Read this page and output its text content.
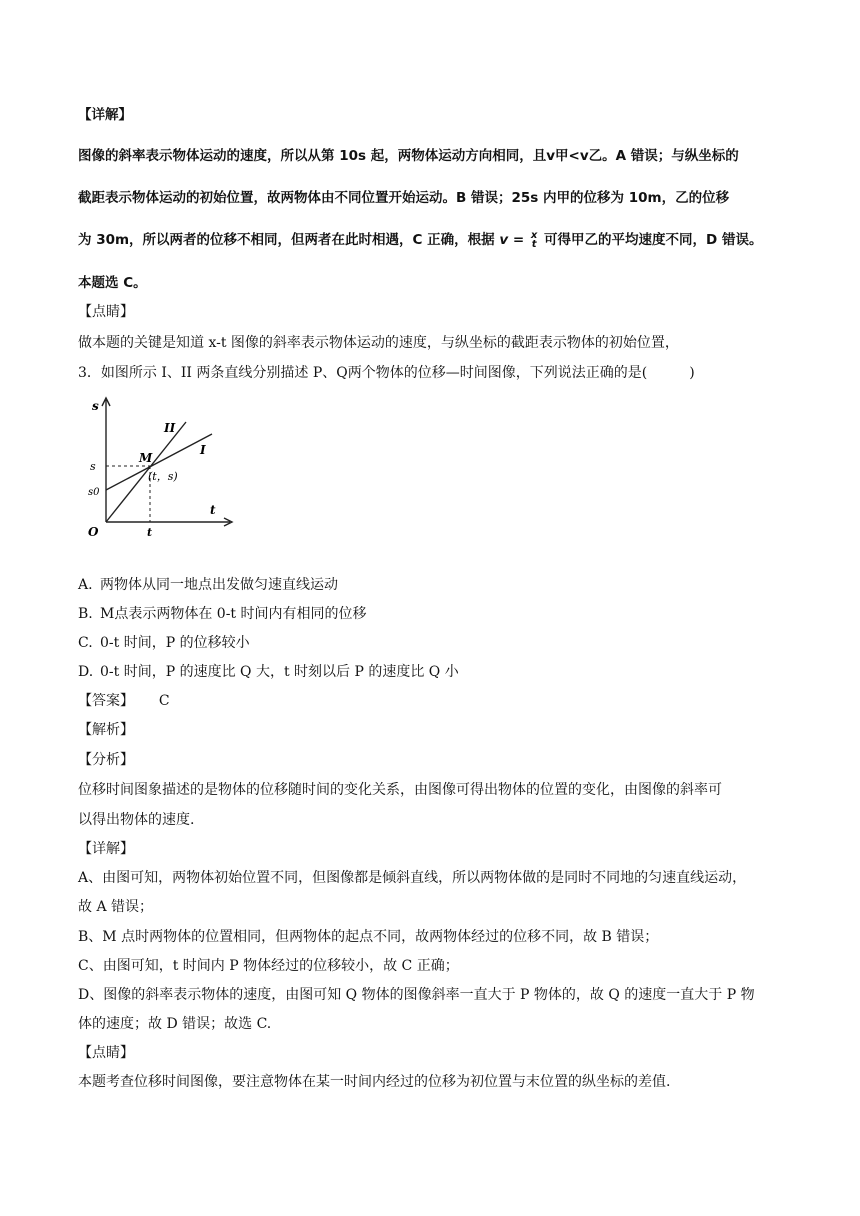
【详解】
图像的斜率表示物体运动的速度，所以从第 10s 起，两物体运动方向相同，且v甲<v乙。A 错误；与纵坐标的
截距表示物体运动的初始位置，故两物体由不同位置开始运动。B 错误；25s 内甲的位移为 10m，乙的位移
为 30m，所以两者的位移不相同，但两者在此时相遇，C 正确，根据 v = x
t 可得甲乙的平均速度不同，D 错误。
本题选 C。
【点睛】
做本题的关键是知道 x-t 图像的斜率表示物体运动的速度，与纵坐标的截距表示物体的初始位置，
3．如图所示 I、II 两条直线分别描述 P、Q两个物体的位移—时间图像，下列说法正确的是(　　　)
s
t
O
s
s0
t
M
(t，s)
I
II
A. 两物体从同一地点出发做匀速直线运动
B. M点表示两物体在 0-t 时间内有相同的位移
C. 0-t 时间，P 的位移较小
D. 0-t 时间，P 的速度比 Q 大，t 时刻以后 P 的速度比 Q 小
【答案】 C
【解析】
【分析】
位移时间图象描述的是物体的位移随时间的变化关系，由图像可得出物体的位置的变化，由图像的斜率可
以得出物体的速度.
【详解】
A、由图可知，两物体初始位置不同，但图像都是倾斜直线，所以两物体做的是同时不同地的匀速直线运动，
故 A 错误；
B、M 点时两物体的位置相同，但两物体的起点不同，故两物体经过的位移不同，故 B 错误；
C、由图可知，t 时间内 P 物体经过的位移较小，故 C 正确；
D、图像的斜率表示物体的速度，由图可知 Q 物体的图像斜率一直大于 P 物体的，故 Q 的速度一直大于 P 物
体的速度；故 D 错误；故选 C.
【点睛】
本题考查位移时间图像，要注意物体在某一时间内经过的位移为初位置与末位置的纵坐标的差值.
